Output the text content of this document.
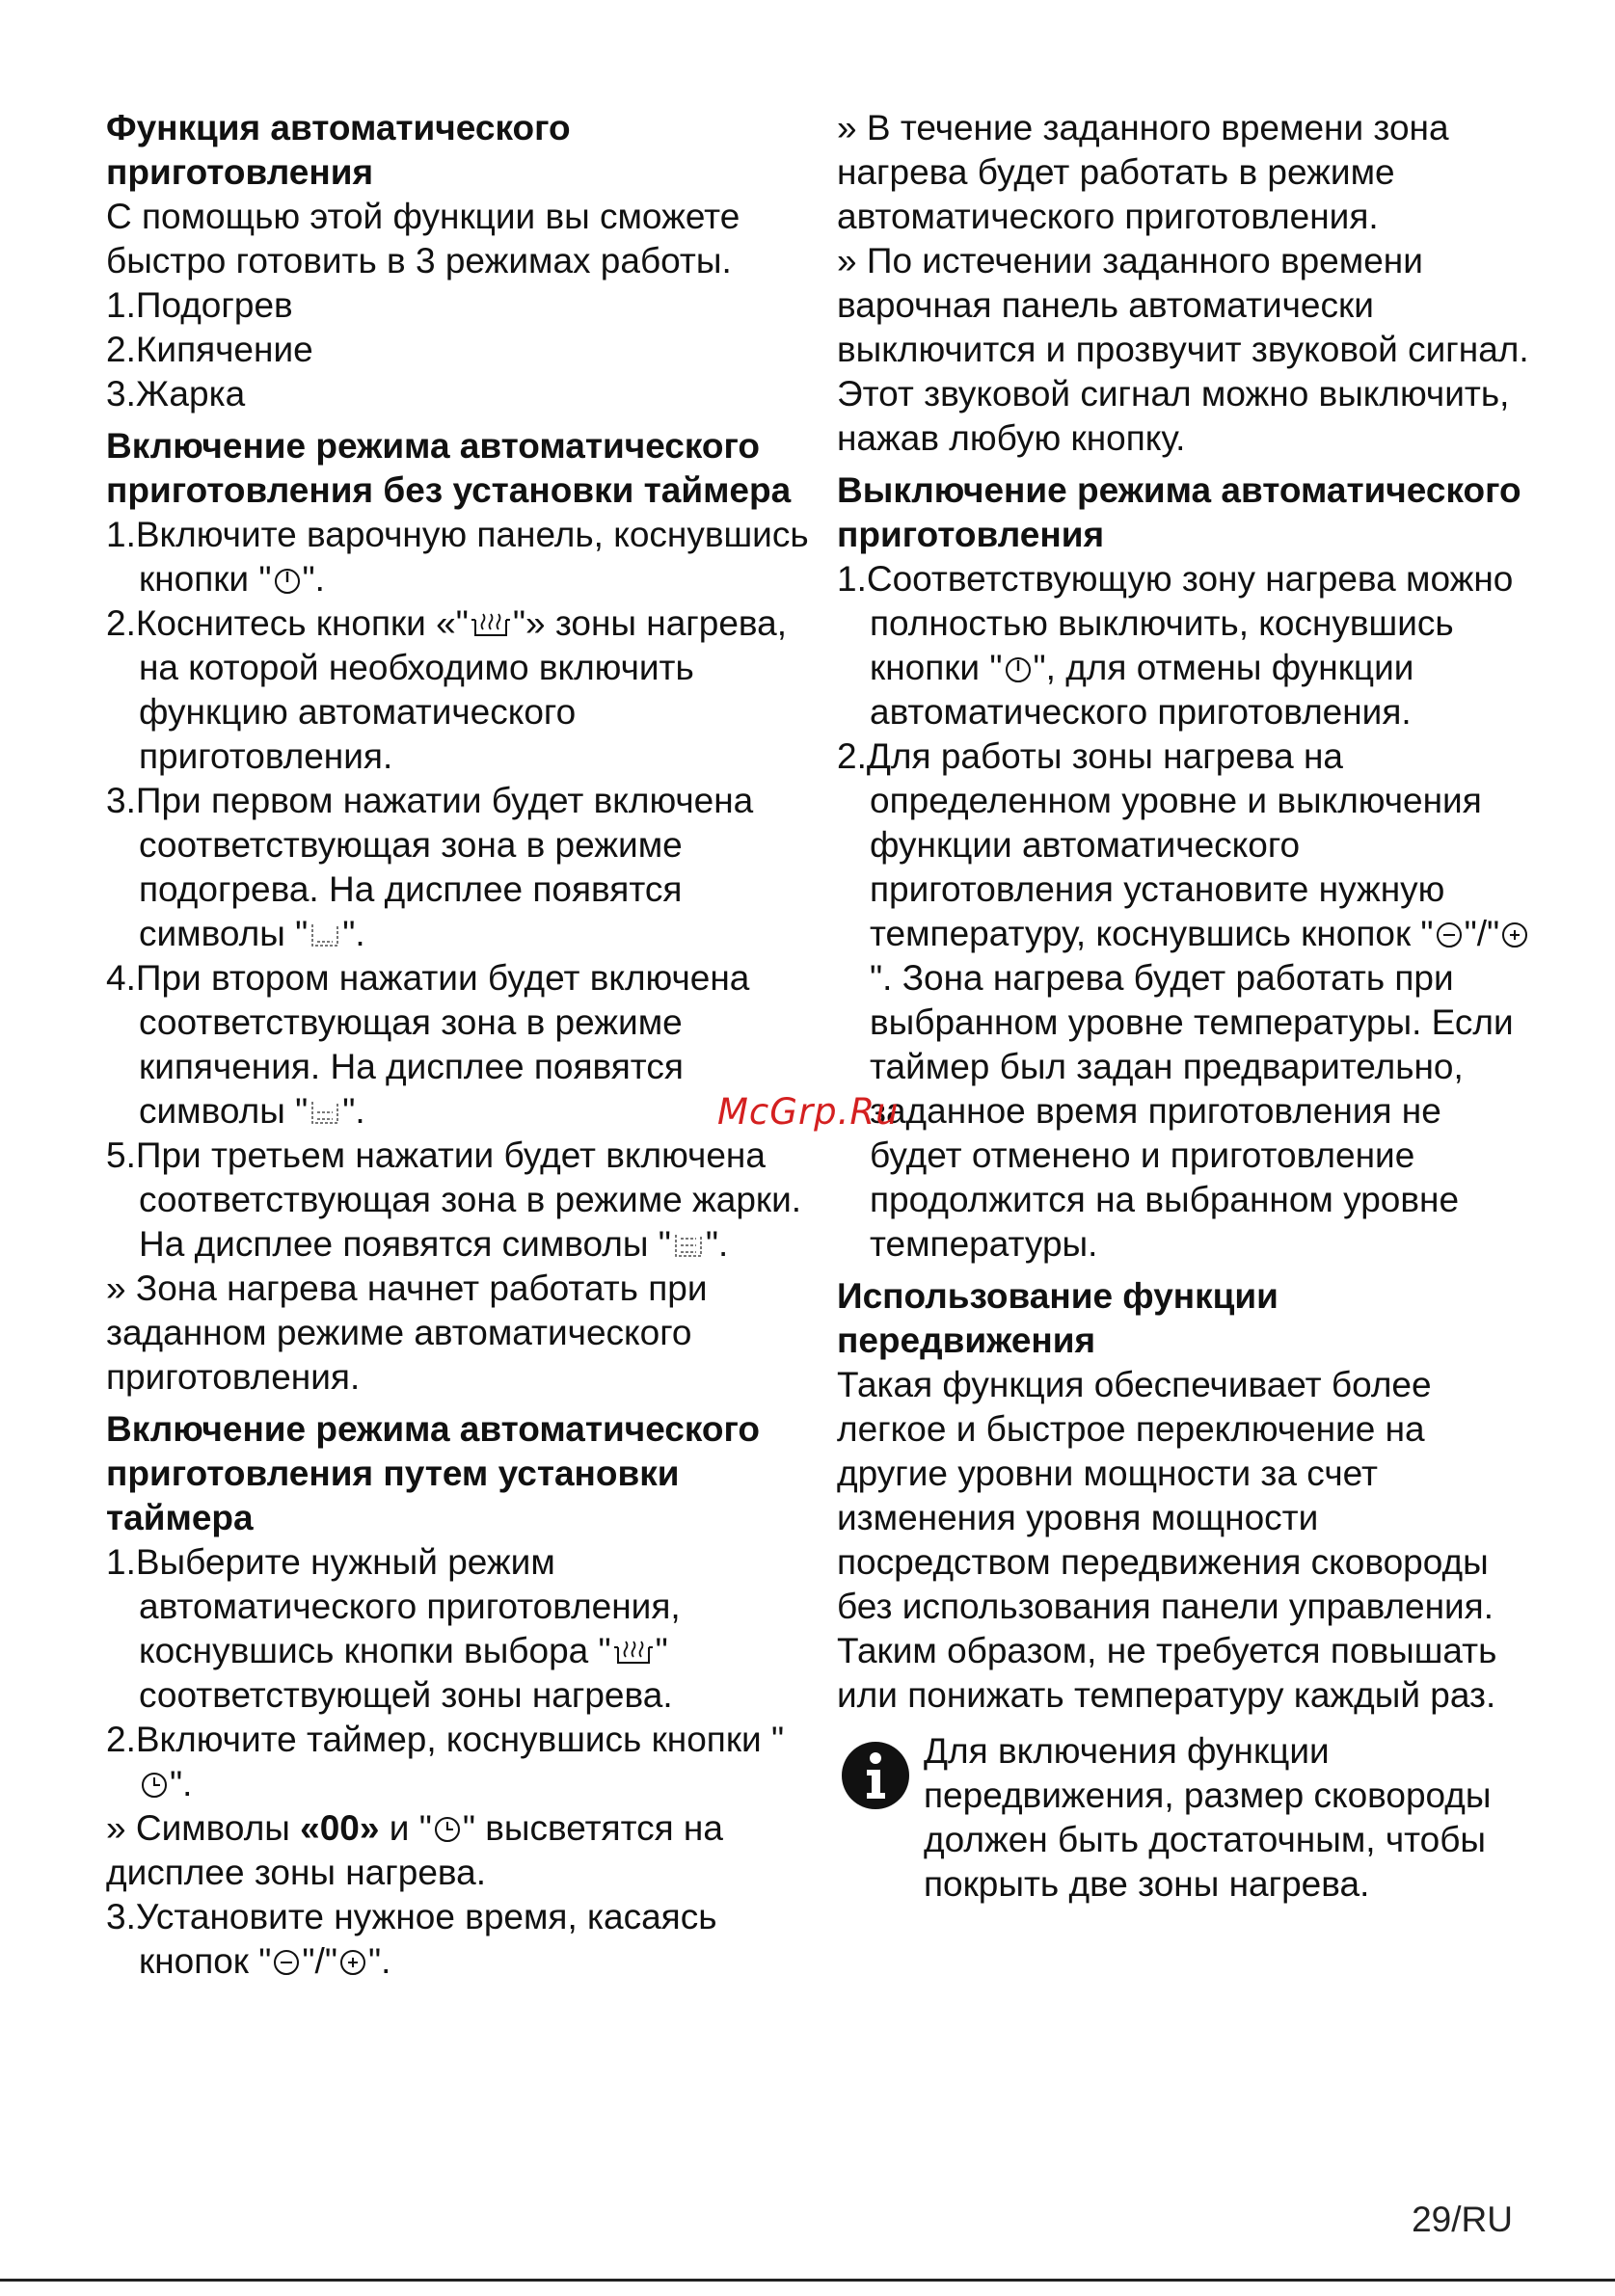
Функция автоматического приготовления

С помощью этой функции вы сможете быстро готовить в 3 режимах работы.

1.Подогрев

2.Кипячение

3.Жарка

Включение режима автоматического приготовления без установки таймера

1.Включите варочную панель, коснувшись кнопки " ".

2.Коснитесь кнопки «" "» зоны нагрева, на которой необходимо включить функцию автоматического приготовления.

3.При первом нажатии будет включена соответствующая зона в режиме подогрева. На дисплее появятся символы " ".

4.При втором нажатии будет включена соответствующая зона в режиме кипячения. На дисплее появятся символы " ".

5.При третьем нажатии будет включена соответствующая зона в режиме жарки. На дисплее появятся символы " ".

» Зона нагрева начнет работать при заданном режиме автоматического приготовления.

Включение режима автоматического приготовления путем установки таймера

1.Выберите нужный режим автоматического приготовления, коснувшись кнопки выбора " " соответствующей зоны нагрева.

2.Включите таймер, коснувшись кнопки "
".

» Символы «00» и " " высветятся на дисплее зоны нагрева.

3.Установите нужное время, касаясь кнопок " "/" ".

» В течение заданного времени зона нагрева будет работать в режиме автоматического приготовления.

» По истечении заданного времени варочная панель автоматически выключится и прозвучит звуковой сигнал. Этот звуковой сигнал можно выключить, нажав любую кнопку.

Выключение режима автоматического приготовления

1.Соответствующую зону нагрева можно полностью выключить, коснувшись кнопки " ", для отмены функции автоматического приготовления.

2.Для работы зоны нагрева на определенном уровне и выключения функции автоматического приготовления установите нужную температуру, коснувшись кнопок " "/"
". Зона нагрева будет работать при выбранном уровне температуры. Если таймер был задан предварительно, заданное время приготовления не будет отменено и приготовление продолжится на выбранном уровне температуры.

Использование функции передвижения

Такая функция обеспечивает более легкое и быстрое переключение на другие уровни мощности за счет изменения уровня мощности посредством передвижения сковороды без использования панели управления. Таким образом, не требуется повышать или понижать температуру каждый раз.

Для включения функции передвижения, размер сковороды должен быть достаточным, чтобы покрыть две зоны нагрева.

McGrp.Ru
29/RU
